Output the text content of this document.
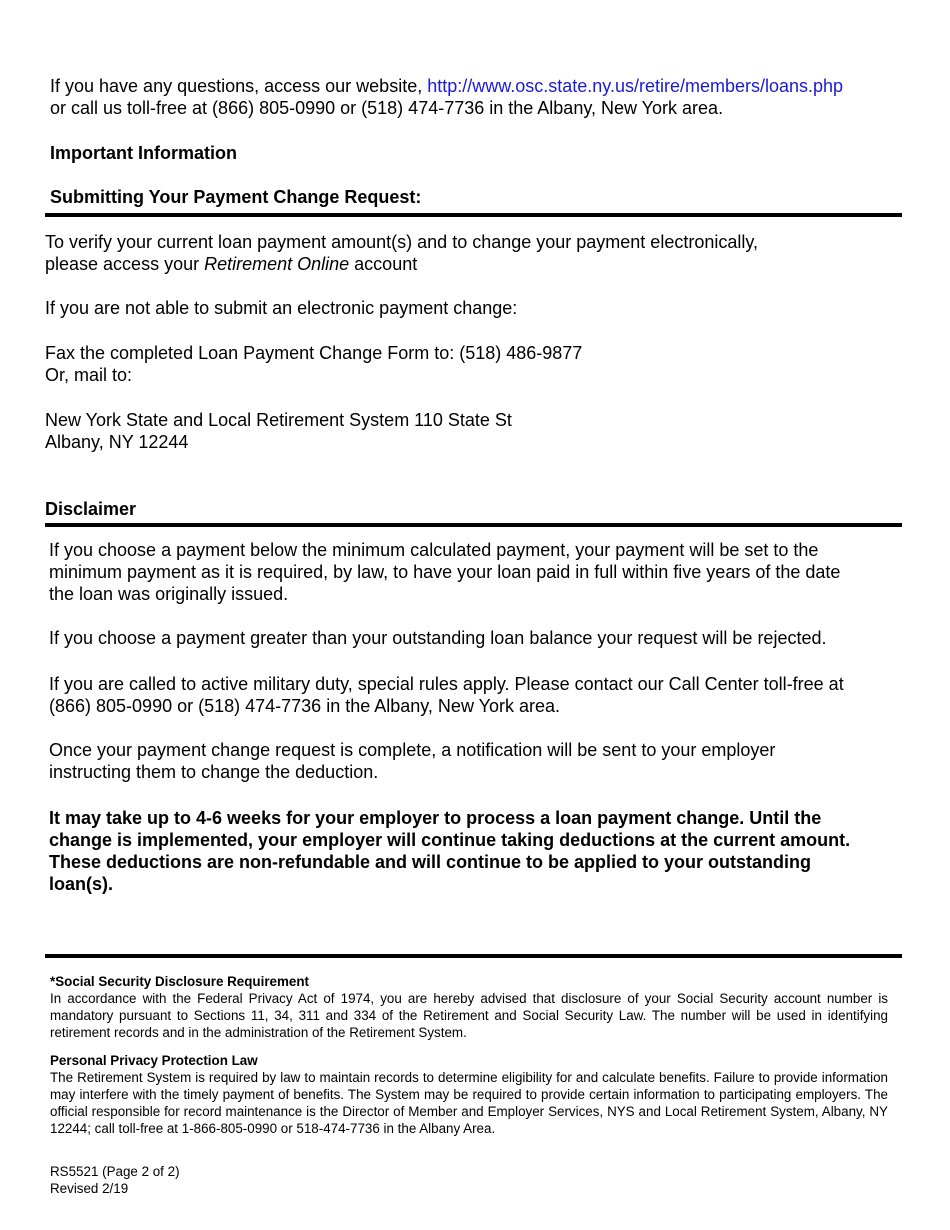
If you have any questions, access our website, http://www.osc.state.ny.us/retire/members/loans.php
or call us toll-free at (866) 805-0990 or (518) 474-7736 in the Albany, New York area.
Important Information
Submitting Your Payment Change Request:
To verify your current loan payment amount(s) and to change your payment electronically,
please access your Retirement Online account
If you are not able to submit an electronic payment change:
Fax the completed Loan Payment Change Form to: (518) 486-9877
Or, mail to:
New York State and Local Retirement System 110 State St
Albany, NY 12244
Disclaimer
If you choose a payment below the minimum calculated payment, your payment will be set to the
minimum payment as it is required, by law, to have your loan paid in full within five years of the date
the loan was originally issued.
If you choose a payment greater than your outstanding loan balance your request will be rejected.
If you are called to active military duty, special rules apply. Please contact our Call Center toll-free at
(866) 805-0990 or (518) 474-7736 in the Albany, New York area.
Once your payment change request is complete, a notification will be sent to your employer
instructing them to change the deduction.
It may take up to 4-6 weeks for your employer to process a loan payment change. Until the
change is implemented, your employer will continue taking deductions at the current amount.
These deductions are non-refundable and will continue to be applied to your outstanding
loan(s).
*Social Security Disclosure Requirement
In accordance with the Federal Privacy Act of 1974, you are hereby advised that disclosure of your Social Security account number is mandatory pursuant to Sections 11, 34, 311 and 334 of the Retirement and Social Security Law. The number will be used in identifying retirement records and in the administration of the Retirement System.
Personal Privacy Protection Law
The Retirement System is required by law to maintain records to determine eligibility for and calculate benefits. Failure to provide information may interfere with the timely payment of benefits. The System may be required to provide certain information to participating employers. The official responsible for record maintenance is the Director of Member and Employer Services, NYS and Local Retirement System, Albany, NY 12244; call toll-free at 1-866-805-0990 or 518-474-7736 in the Albany Area.
RS5521 (Page 2 of 2)
Revised 2/19
